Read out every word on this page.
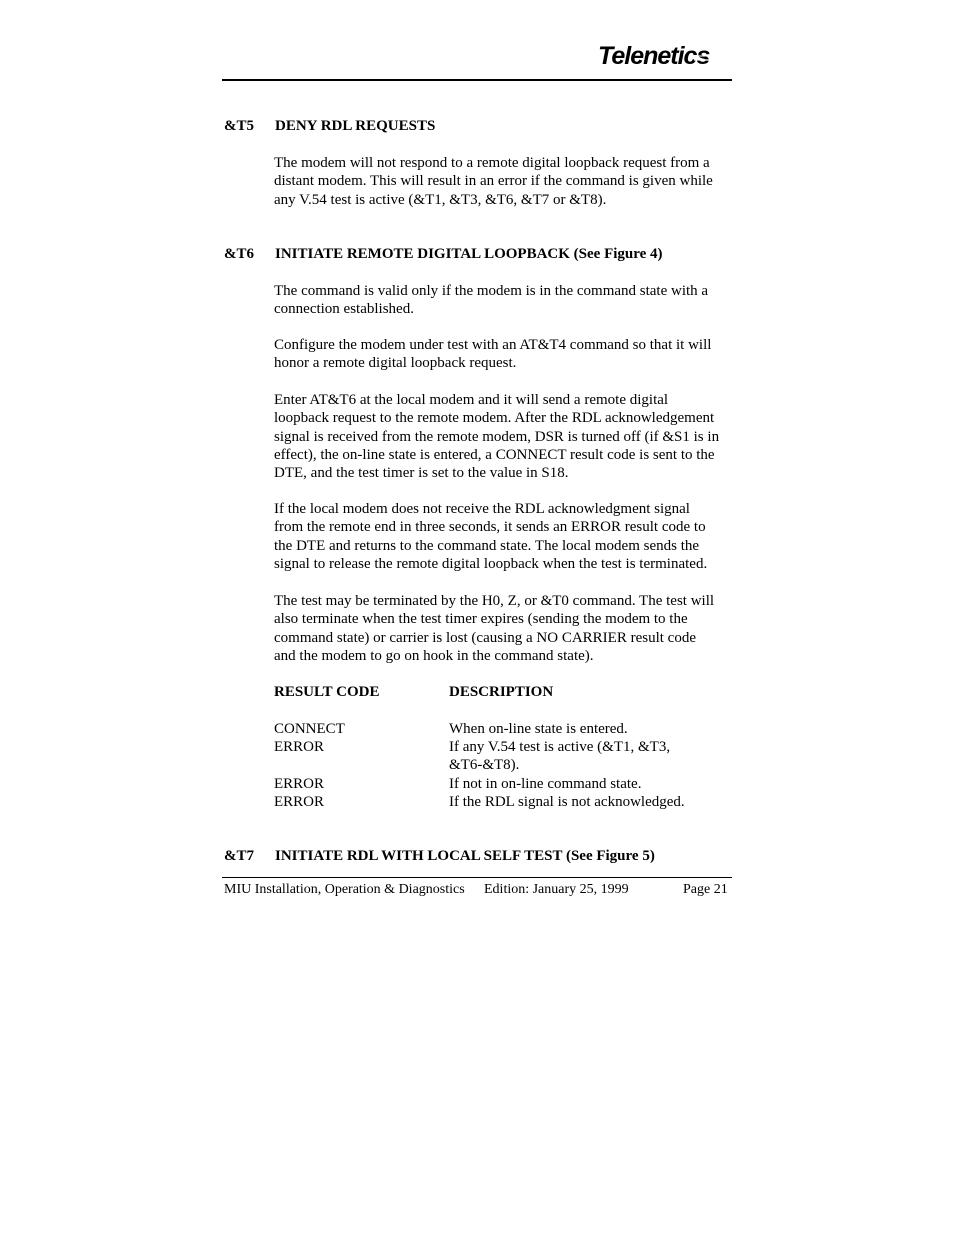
Telenetics
&T5 DENY RDL REQUESTS

The modem will not respond to a remote digital loopback request from a
distant modem. This will result in an error if the command is given while
any V.54 test is active (&T1, &T3, &T6, &T7 or &T8).

&T6 INITIATE REMOTE DIGITAL LOOPBACK (See Figure 4)

The command is valid only if the modem is in the command state with a
connection established.

Configure the modem under test with an AT&T4 command so that it will
honor a remote digital loopback request.

Enter AT&T6 at the local modem and it will send a remote digital
loopback request to the remote modem. After the RDL acknowledgement
signal is received from the remote modem, DSR is turned off (if &S1 is in
effect), the on-line state is entered, a CONNECT result code is sent to the
DTE, and the test timer is set to the value in S18.

If the local modem does not receive the RDL acknowledgment signal
from the remote end in three seconds, it sends an ERROR result code to
the DTE and returns to the command state. The local modem sends the
signal to release the remote digital loopback when the test is terminated.

The test may be terminated by the H0, Z, or &T0 command. The test will
also terminate when the test timer expires (sending the modem to the
command state) or carrier is lost (causing a NO CARRIER result code
and the modem to go on hook in the command state).

RESULT CODE	DESCRIPTION
CONNECT	When on-line state is entered.
ERROR	If any V.54 test is active (&T1, &T3,
&T6-&T8).
ERROR	If not in on-line command state.
ERROR	If the RDL signal is not acknowledged.
&T7 INITIATE RDL WITH LOCAL SELF TEST (See Figure 5)
MIU Installation, Operation & Diagnostics Edition: January 25, 1999	Page 21
